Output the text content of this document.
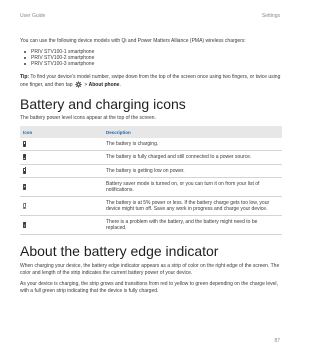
User Guide	Settings

You can use the following device models with Qi and Power Matters Alliance (PMA) wireless chargers:

PRIV STV100-1 smartphone
PRIV STV100-2 smartphone
PRIV STV100-3 smartphone

Tip: To find your device's model number, swipe down from the top of the screen once using two fingers, or twice using one finger, and then tap  > About phone.

Battery and charging icons

The battery power level icons appear at the top of the screen.

Icon	Description

	The battery is charging.

▴	The battery is fully charged and still connected to a power source.

	The battery is getting low on power.

+	Battery saver mode is turned on, or you can turn it on from your list of notifications.

	The battery is at 5% power or less. If the battery charge gets too low, your device might turn off. Save any work in progress and charge your device.

!	There is a problem with the battery, and the battery might need to be replaced.
About the battery edge indicator

When charging your device, the battery edge indicator appears as a strip of color on the right edge of the screen. The color and length of the strip indicates the current battery power of your device.

As your device is charging, the strip grows and transitions from red to yellow to green depending on the charge level, with a full green strip indicating that the device is fully charged.

87
